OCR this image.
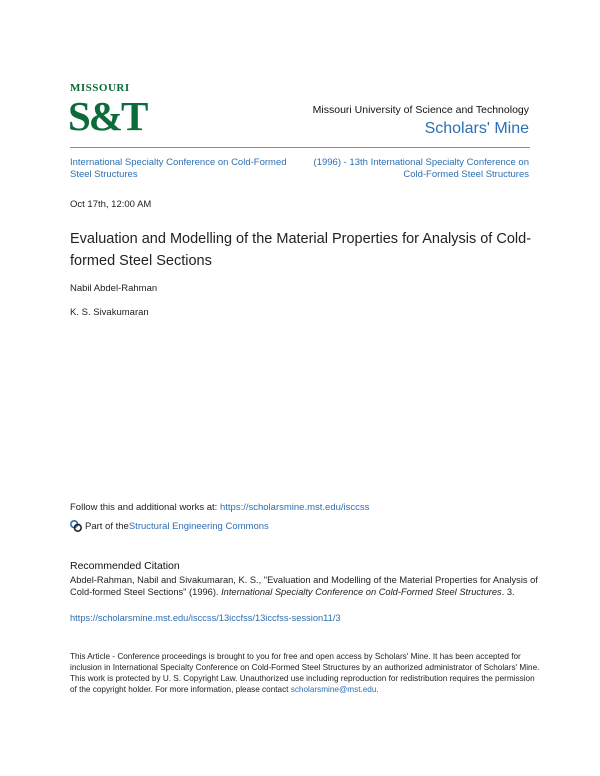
MISSOURI
S&T	Missouri University of Science and Technology
Scholars' Mine
International Specialty Conference on Cold-Formed Steel Structures
(1996) - 13th International Specialty Conference on Cold-Formed Steel Structures
Oct 17th, 12:00 AM
Evaluation and Modelling of the Material Properties for Analysis of Cold-formed Steel Sections
Nabil Abdel-Rahman
K. S. Sivakumaran
Follow this and additional works at: https://scholarsmine.mst.edu/isccss
Part of the Structural Engineering Commons
Recommended Citation
Abdel-Rahman, Nabil and Sivakumaran, K. S., "Evaluation and Modelling of the Material Properties for Analysis of Cold-formed Steel Sections" (1996). International Specialty Conference on Cold-Formed Steel Structures. 3.
https://scholarsmine.mst.edu/isccss/13iccfss/13iccfss-session11/3
This Article - Conference proceedings is brought to you for free and open access by Scholars' Mine. It has been accepted for inclusion in International Specialty Conference on Cold-Formed Steel Structures by an authorized administrator of Scholars' Mine. This work is protected by U. S. Copyright Law. Unauthorized use including reproduction for redistribution requires the permission of the copyright holder. For more information, please contact scholarsmine@mst.edu.
